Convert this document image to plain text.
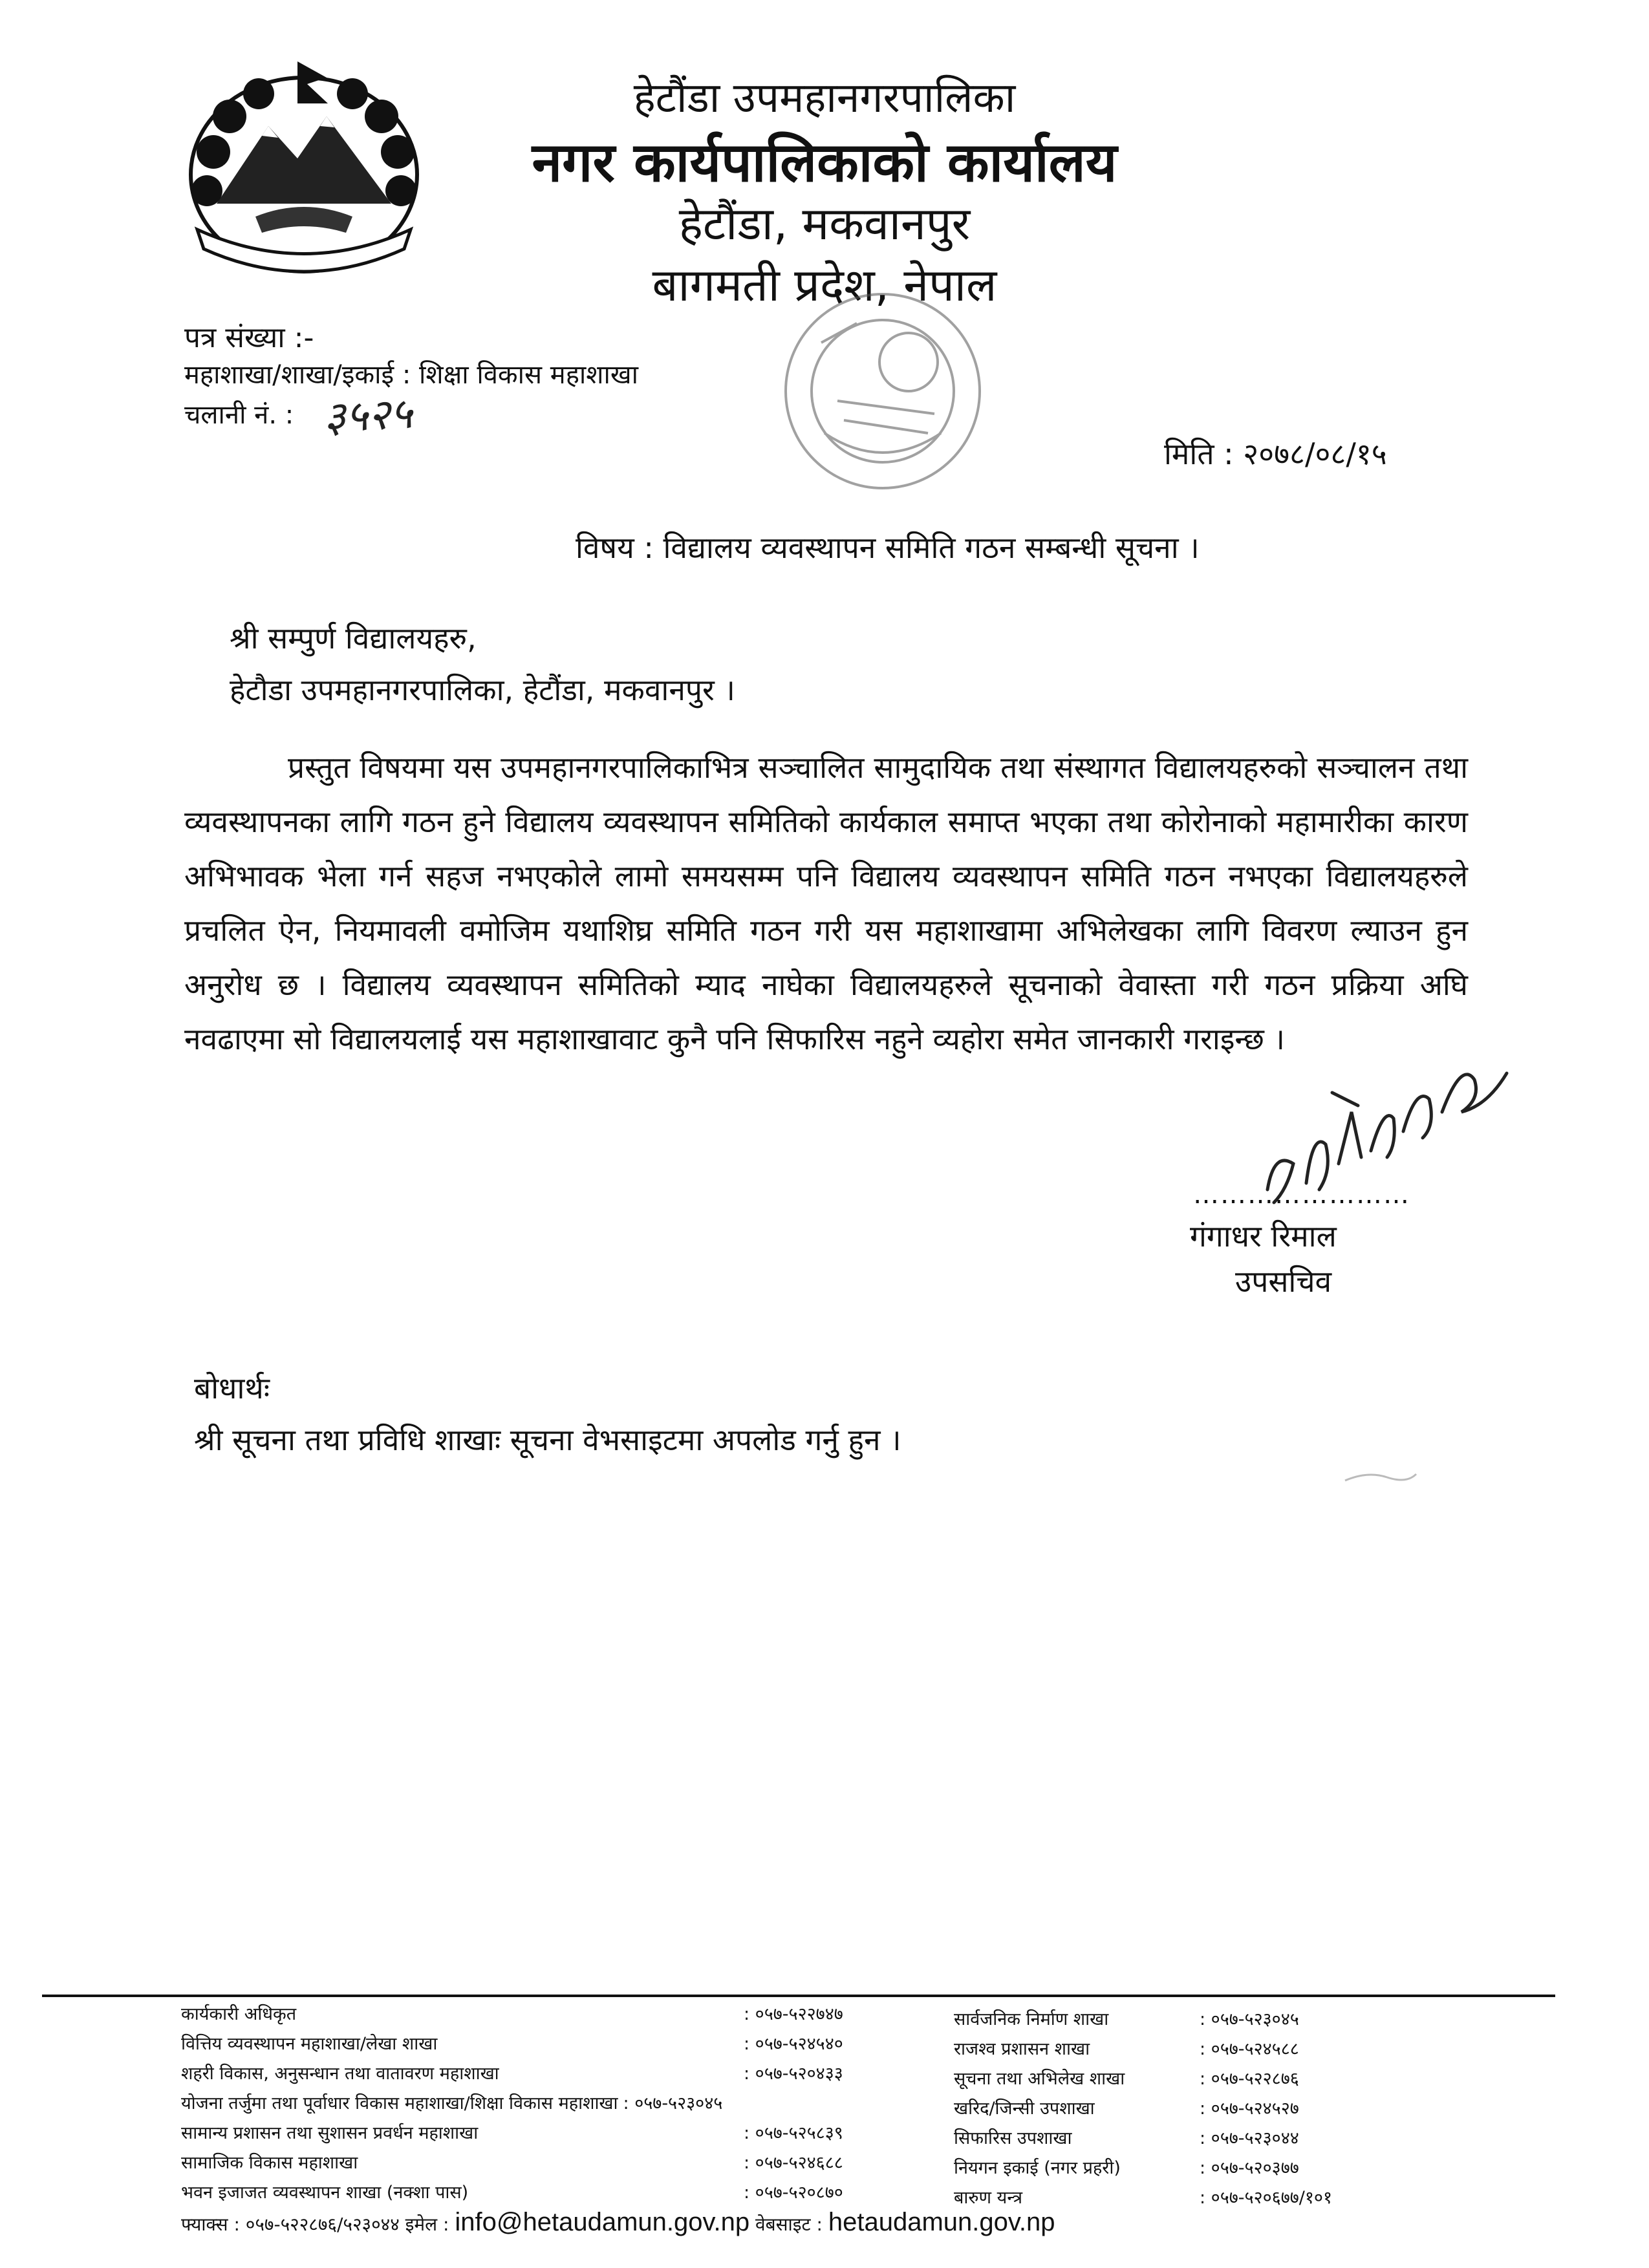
हेटौंडा उपमहानगरपालिका
नगर कार्यपालिकाको कार्यालय
हेटौंडा, मकवानपुर
बागमती प्रदेश, नेपाल
पत्र संख्या :-
महाशाखा/शाखा/इकाई : शिक्षा विकास महाशाखा
चलानी नं. : ३५२५
मिति : २०७८/०८/१५
विषय : विद्यालय व्यवस्थापन समिति गठन सम्बन्धी सूचना ।
श्री सम्पुर्ण विद्यालयहरु,
हेटौडा उपमहानगरपालिका, हेटौंडा, मकवानपुर ।

प्रस्तुत विषयमा यस उपमहानगरपालिकाभित्र सञ्चालित सामुदायिक तथा संस्थागत विद्यालयहरुको सञ्चालन तथा व्यवस्थापनका लागि गठन हुने विद्यालय व्यवस्थापन समितिको कार्यकाल समाप्त भएका तथा कोरोनाको महामारीका कारण अभिभावक भेला गर्न सहज नभएकोले लामो समयसम्म पनि विद्यालय व्यवस्थापन समिति गठन नभएका विद्यालयहरुले प्रचलित ऐन, नियमावली वमोजिम यथाशिघ्र समिति गठन गरी यस महाशाखामा अभिलेखका लागि विवरण ल्याउन हुन अनुरोध छ । विद्यालय व्यवस्थापन समितिको म्याद नाघेका विद्यालयहरुले सूचनाको वेवास्ता गरी गठन प्रक्रिया अघि नवढाएमा सो विद्यालयलाई यस महाशाखावाट कुनै पनि सिफारिस नहुने व्यहोरा समेत जानकारी गराइन्छ ।

……………………
गंगाधर रिमाल
उपसचिव
बोधार्थः
श्री सूचना तथा प्रविधि शाखाः सूचना वेभसाइटमा अपलोड गर्नु हुन ।
कार्यकारी अधिकृत	: ०५७-५२२७४७
वित्तिय व्यवस्थापन महाशाखा/लेखा शाखा	: ०५७-५२४५४०
शहरी विकास, अनुसन्धान तथा वातावरण महाशाखा	: ०५७-५२०४३३
योजना तर्जुमा तथा पूर्वाधार विकास महाशाखा/शिक्षा विकास महाशाखा : ०५७-५२३०४५
सामान्य प्रशासन तथा सुशासन प्रवर्धन महाशाखा	: ०५७-५२५८३९
सामाजिक विकास महाशाखा	: ०५७-५२४६८८
भवन इजाजत व्यवस्थापन शाखा (नक्शा पास)	: ०५७-५२०८७०
सार्वजनिक निर्माण शाखा	: ०५७-५२३०४५
राजश्व प्रशासन शाखा	: ०५७-५२४५८८
सूचना तथा अभिलेख शाखा	: ०५७-५२२८७६
खरिद/जिन्सी उपशाखा	: ०५७-५२४५२७
सिफारिस उपशाखा	: ०५७-५२३०४४
नियगन इकाई (नगर प्रहरी)	: ०५७-५२०३७७
बारुण यन्त्र	: ०५७-५२०६७७/१०१
फ्याक्स : ०५७-५२२८७६/५२३०४४ इमेल : info@hetaudamun.gov.np वेबसाइट : hetaudamun.gov.np
